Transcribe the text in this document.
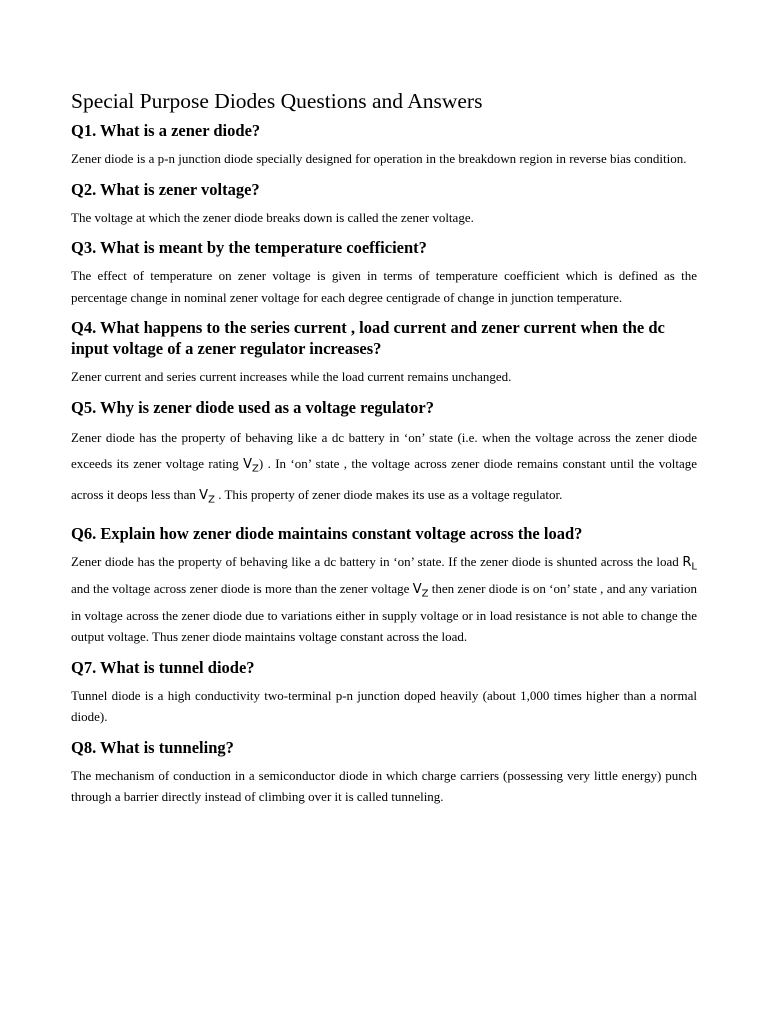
Special Purpose Diodes Questions and Answers
Q1. What is a zener diode?

Zener diode is a p-n junction diode specially designed for operation in the breakdown region in reverse bias condition.

Q2. What is zener voltage?

The voltage at which the zener diode breaks down is called the zener voltage.

Q3. What is meant by the temperature coefficient?

The effect of temperature on zener voltage is given in terms of temperature coefficient which is defined as the percentage change in nominal zener voltage for each degree centigrade of change in junction temperature.

Q4. What happens to the series current , load current and zener current when the dc input voltage of a zener regulator increases?

Zener current and series current increases while the load current remains unchanged.

Q5. Why is zener diode used as a voltage regulator?

Zener diode has the property of behaving like a dc battery in ‘on’ state (i.e. when the voltage across the zener diode exceeds its zener voltage rating $V_Z$) . In ‘on’ state , the voltage across zener diode remains constant until the voltage across it deops less than $V_Z$ . This property of zener diode makes its use as a voltage regulator.

Q6. Explain how zener diode maintains constant voltage across the load?

Zener diode has the property of behaving like a dc battery in ‘on’ state. If the zener diode is shunted across the load $R_L$ and the voltage across zener diode is more than the zener voltage $V_Z$ then zener diode is on ‘on’ state , and any variation in voltage across the zener diode due to variations either in supply voltage or in load resistance is not able to change the output voltage. Thus zener diode maintains voltage constant across the load.

Q7. What is tunnel diode?

Tunnel diode is a high conductivity two-terminal p-n junction doped heavily (about 1,000 times higher than a normal diode).

Q8. What is tunneling?

The mechanism of conduction in a semiconductor diode in which charge carriers (possessing very little energy) punch through a barrier directly instead of climbing over it is called tunneling.
